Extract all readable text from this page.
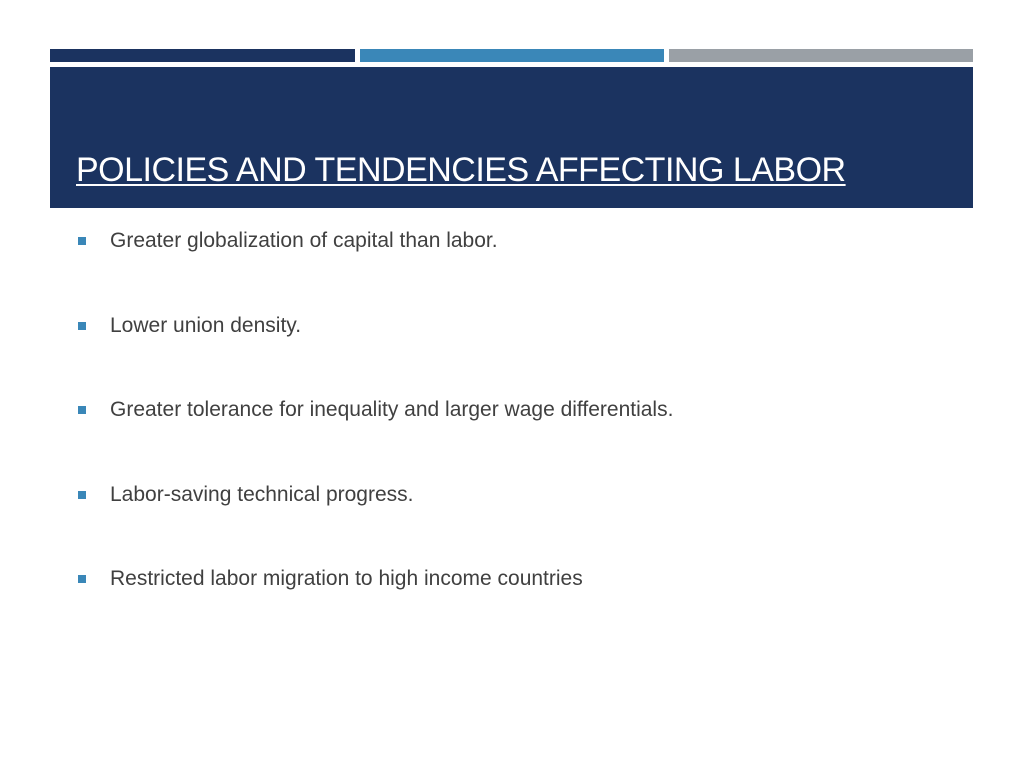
POLICIES AND TENDENCIES AFFECTING LABOR
Greater globalization of capital than labor.
Lower union density.
Greater tolerance for inequality and larger wage differentials.
Labor-saving technical progress.
Restricted labor migration to high income countries
